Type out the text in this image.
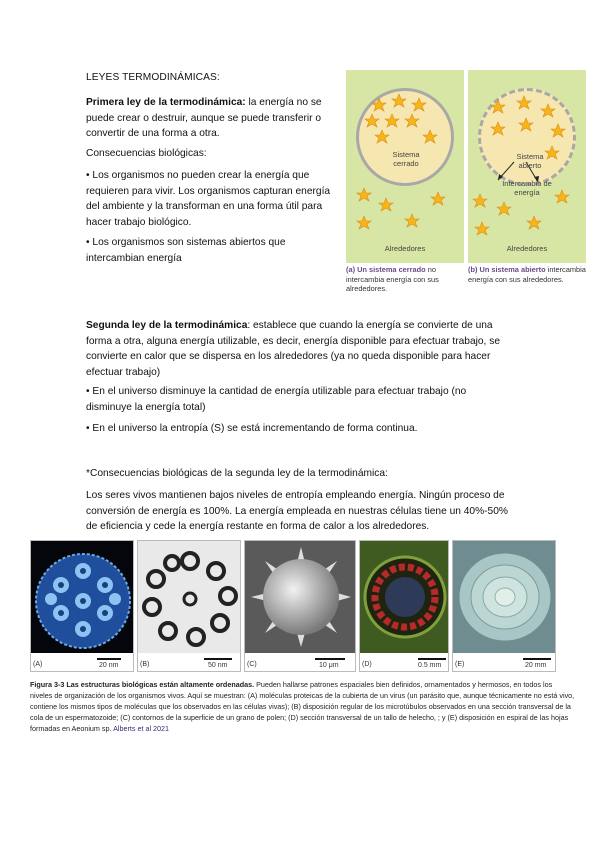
LEYES TERMODINÁMICAS:
Primera ley de la termodinámica: la energía no se puede crear o destruir, aunque se puede transferir o convertir de una forma a otra.
Consecuencias biológicas:
• Los organismos no pueden crear la energía que requieren para vivir. Los organismos capturan energía del ambiente y la transforman en una forma útil para hacer trabajo biológico.
• Los organismos son sistemas abiertos que intercambian energía
Sistema cerrado
Alrededores
Sistema abierto
Intercambio de energía
Alrededores
(a) Un sistema cerrado no intercambia energía con sus alrededores.
(b) Un sistema abierto intercambia energía con sus alrededores.
Segunda ley de la termodinámica: establece que cuando la energía se convierte de una forma a otra, alguna energía utilizable, es decir, energía disponible para efectuar trabajo, se convierte en calor que se dispersa en los alrededores (ya no queda disponible para hacer efectuar trabajo)
• En el universo disminuye la cantidad de energía utilizable para efectuar trabajo (no disminuye la energía total)
• En el universo la entropía (S) se está incrementando de forma continua.
*Consecuencias biológicas de la segunda ley de la termodinámica:
Los seres vivos mantienen bajos niveles de entropía empleando energía. Ningún proceso de conversión de energía es 100%. La energía empleada en nuestras células tiene un 40%-50% de eficiencia y cede la energía restante en forma de calor a los alrededores.
(A)	20 nm	(B)	50 nm	(C)	10 μm	(D)	0.5 mm (E)	20 mm
Figura 3-3 Las estructuras biológicas están altamente ordenadas. Pueden hallarse patrones espaciales bien definidos, ornamentados y hermosos, en todos los niveles de organización de los organismos vivos. Aquí se muestran: (A) moléculas proteicas de la cubierta de un virus (un parásito que, aunque técnicamente no está vivo, contiene los mismos tipos de moléculas que los observados en las células vivas); (B) disposición regular de los microtúbulos observados en una sección transversal de la cola de un espermatozoide; (C) contornos de la superficie de un grano de polen; (D) sección transversal de un tallo de helecho, ; y (E) disposición en espiral de las hojas formadas en Aeonium sp. Alberts et al 2021
